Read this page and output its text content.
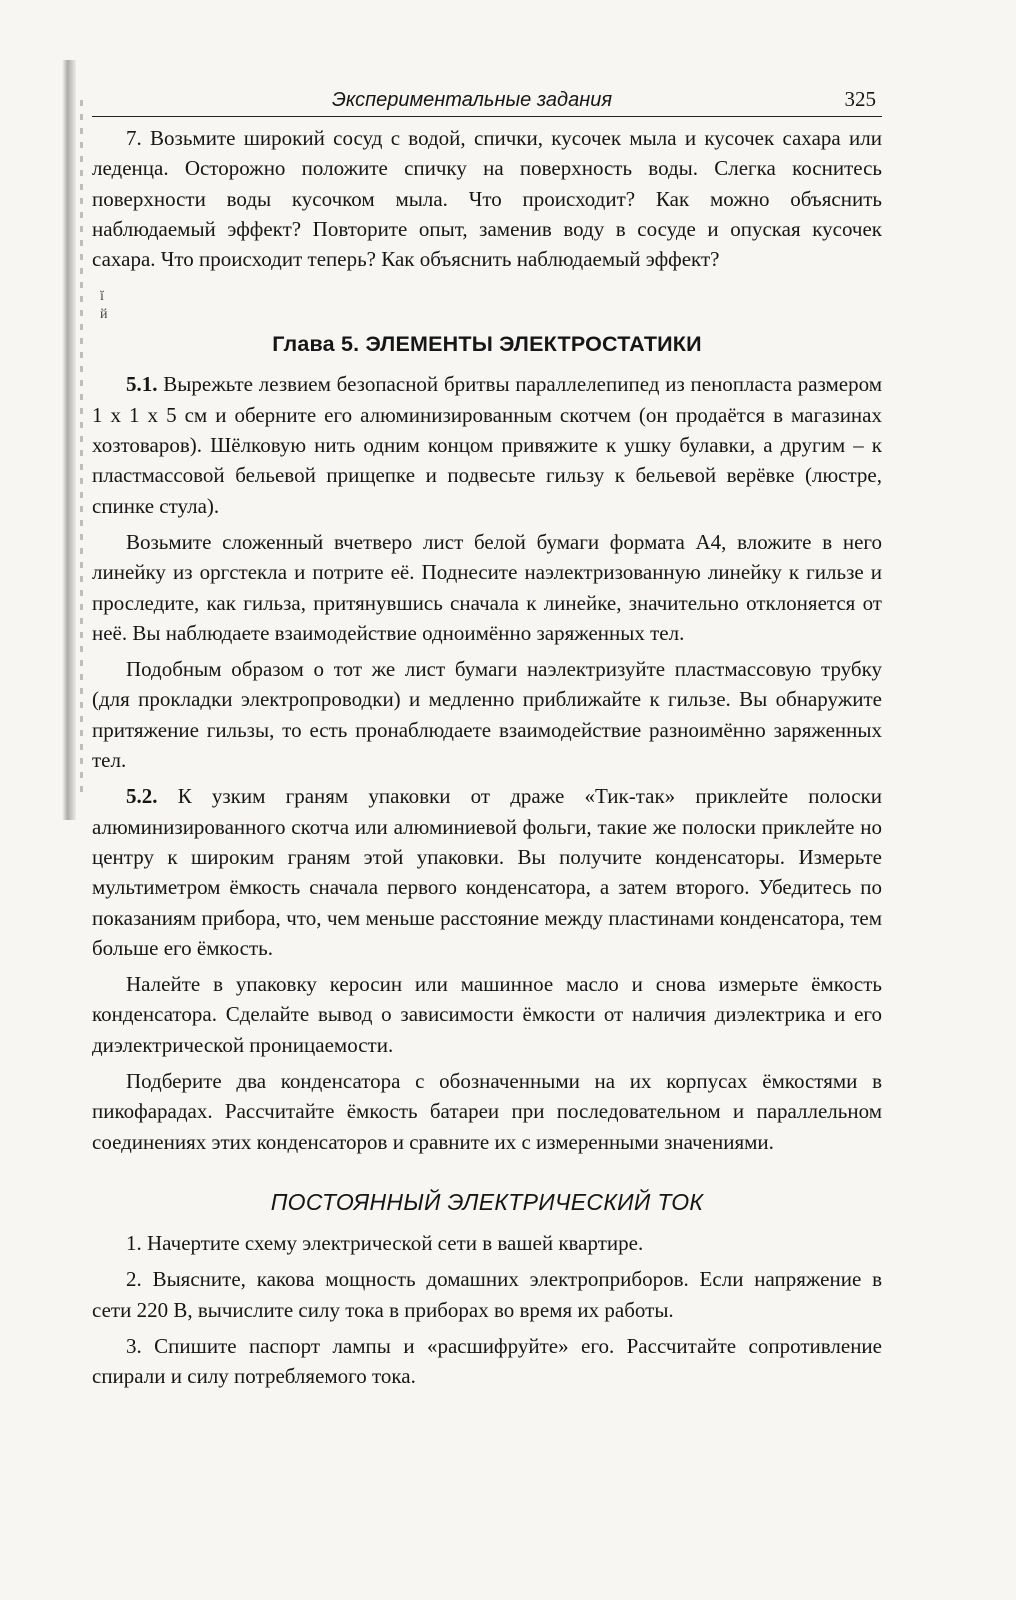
Экспериментальные задания	325

7. Возьмите широкий сосуд с водой, спички, кусочек мыла и кусочек сахара или леденца. Осторожно положите спичку на поверхность воды. Слегка коснитесь поверхности воды кусочком мыла. Что происходит? Как можно объяснить наблюдаемый эффект? Повторите опыт, заменив воду в сосуде и опуская кусочек сахара. Что происходит теперь? Как объяснить наблюдаемый эффект?

ĭ
й
Глава 5. ЭЛЕМЕНТЫ ЭЛЕКТРОСТАТИКИ

5.1. Вырежьте лезвием безопасной бритвы параллелепипед из пенопласта размером 1 х 1 х 5 см и оберните его алюминизированным скотчем (он продаётся в магазинах хозтоваров). Шёлковую нить одним концом привяжите к ушку булавки, а другим – к пластмассовой бельевой прищепке и подвесьте гильзу к бельевой верёвке (люстре, спинке стула).

Возьмите сложенный вчетверо лист белой бумаги формата А4, вложите в него линейку из оргстекла и потрите её. Поднесите наэлектризованную линейку к гильзе и проследите, как гильза, притянувшись сначала к линейке, значительно отклоняется от неё. Вы наблюдаете взаимодействие одноимённо заряженных тел.

Подобным образом о тот же лист бумаги наэлектризуйте пластмассовую трубку (для прокладки электропроводки) и медленно приближайте к гильзе. Вы обнаружите притяжение гильзы, то есть пронаблюдаете взаимодействие разноимённо заряженных тел.

5.2. К узким граням упаковки от драже «Тик-так» приклейте полоски алюминизированного скотча или алюминиевой фольги, такие же полоски приклейте но центру к широким граням этой упаковки. Вы получите конденсаторы. Измерьте мультиметром ёмкость сначала первого конденсатора, а затем второго. Убедитесь по показаниям прибора, что, чем меньше расстояние между пластинами конденсатора, тем больше его ёмкость.

Налейте в упаковку керосин или машинное масло и снова измерьте ёмкость конденсатора. Сделайте вывод о зависимости ёмкости от наличия диэлектрика и его диэлектрической проницаемости.

Подберите два конденсатора с обозначенными на их корпусах ёмкостями в пикофарадах. Рассчитайте ёмкость батареи при последовательном и параллельном соединениях этих конденсаторов и сравните их с измеренными значениями.

ПОСТОЯННЫЙ ЭЛЕКТРИЧЕСКИЙ ТОК

1. Начертите схему электрической сети в вашей квартире.

2. Выясните, какова мощность домашних электроприборов. Если напряжение в сети 220 В, вычислите силу тока в приборах во время их работы.

3. Спишите паспорт лампы и «расшифруйте» его. Рассчитайте сопротивление спирали и силу потребляемого тока.
